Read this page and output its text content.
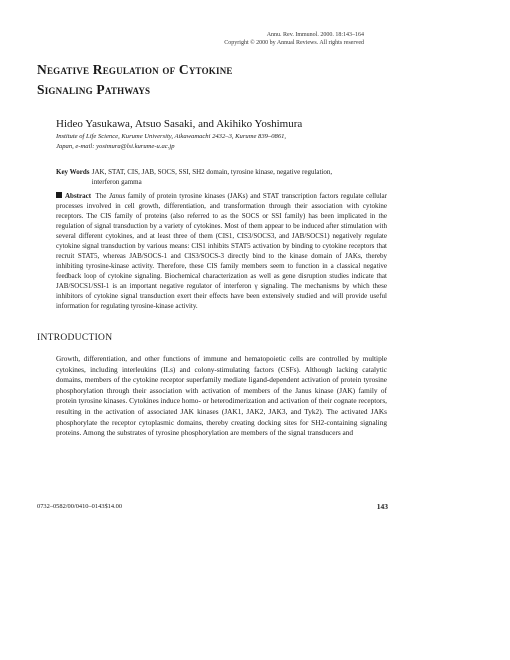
Annu. Rev. Immunol. 2000. 18:143–164
Copyright © 2000 by Annual Reviews. All rights reserved
Negative Regulation of Cytokine
Signaling Pathways
Hideo Yasukawa, Atsuo Sasaki, and Akihiko Yoshimura
Institute of Life Science, Kurume University, Aikawamachi 2432–3, Kurume 839–0861,
Japan, e-mail: yosimura@lsi.kurume-u.ac.jp
Key Words JAK, STAT, CIS, JAB, SOCS, SSI, SH2 domain, tyrosine kinase, negative regulation, interferon gamma
Abstract The Janus family of protein tyrosine kinases (JAKs) and STAT transcription factors regulate cellular processes involved in cell growth, differentiation, and transformation through their association with cytokine receptors. The CIS family of proteins (also referred to as the SOCS or SSI family) has been implicated in the regulation of signal transduction by a variety of cytokines. Most of them appear to be induced after stimulation with several different cytokines, and at least three of them (CIS1, CIS3/SOCS3, and JAB/SOCS1) negatively regulate cytokine signal transduction by various means: CIS1 inhibits STAT5 activation by binding to cytokine receptors that recruit STAT5, whereas JAB/SOCS-1 and CIS3/SOCS-3 directly bind to the kinase domain of JAKs, thereby inhibiting tyrosine-kinase activity. Therefore, these CIS family members seem to function in a classical negative feedback loop of cytokine signaling. Biochemical characterization as well as gene disruption studies indicate that JAB/SOCS1/SSI-1 is an important negative regulator of interferon γ signaling. The mechanisms by which these inhibitors of cytokine signal transduction exert their effects have been extensively studied and will provide useful information for regulating tyrosine-kinase activity.
INTRODUCTION
Growth, differentiation, and other functions of immune and hematopoietic cells are controlled by multiple cytokines, including interleukins (ILs) and colony-stimulating factors (CSFs). Although lacking catalytic domains, members of the cytokine receptor superfamily mediate ligand-dependent activation of protein tyrosine phosphorylation through their association with activation of members of the Janus kinase (JAK) family of protein tyrosine kinases. Cytokines induce homo- or heterodimerization and activation of their cognate receptors, resulting in the activation of associated JAK kinases (JAK1, JAK2, JAK3, and Tyk2). The activated JAKs phosphorylate the receptor cytoplasmic domains, thereby creating docking sites for SH2-containing signaling proteins. Among the substrates of tyrosine phosphorylation are members of the signal transducers and
0732–0582/00/0410–0143$14.00	143
